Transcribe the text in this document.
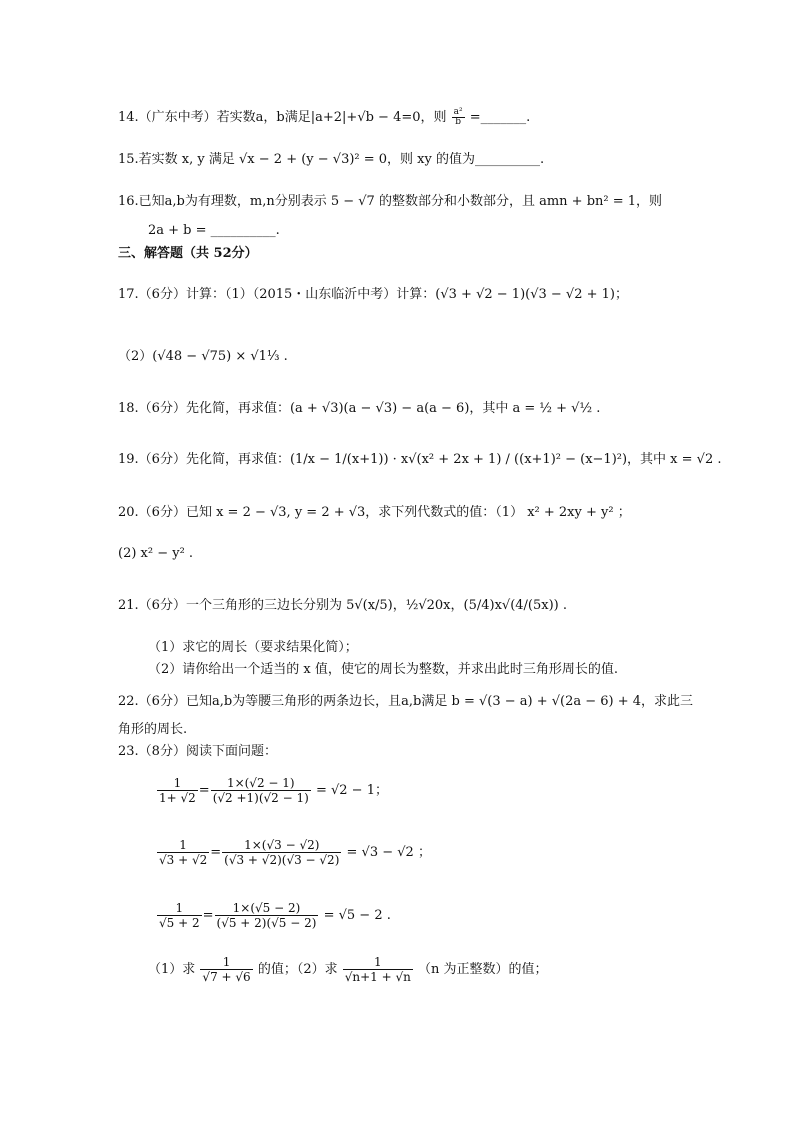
14.（广东中考）若实数a，b满足|a+2|+√b − 4=0，则 $\frac{\text{a²}}{b}$ =_______.
15.若实数 x, y 满足 √x − 2 + (y − √3)² = 0，则 xy 的值为__________.
16.已知a,b为有理数，m,n分别表示 5 − √7 的整数部分和小数部分，且 amn + bn² = 1，则
2a + b = __________.
三、解答题（共 52分）
17.（6分）计算：（1）（2015・山东临沂中考）计算：(√3 + √2 − 1)(√3 − √2 + 1)；
（2）(√48 − √75) × √1⅓ .
18.（6分）先化简，再求值：(a + √3)(a − √3) − a(a − 6)，其中 a = ½ + √½ .
19.（6分）先化简，再求值：(1/x − 1/(x+1)) · x√(x² + 2x + 1) / ((x+1)² − (x−1)²)，其中 x = √2 .
20.（6分）已知 x = 2 − √3, y = 2 + √3，求下列代数式的值：（1） x² + 2xy + y² ；
(2) x² − y² .
21.（6分）一个三角形的三边长分别为 5√(x/5)，½√20x，(5/4)x√(4/(5x)) .
（1）求它的周长（要求结果化简）；
（2）请你给出一个适当的 x 值，使它的周长为整数，并求出此时三角形周长的值.
22.（6分）已知a,b为等腰三角形的两条边长，且a,b满足 b = √(3 − a) + √(2a − 6) + 4，求此三
角形的周长.
23.（8分）阅读下面问题：
$\frac{1}{1+ √2} = \frac{1\times(√2 - 1)}{(√2 +1)(√2 - 1)} = √2 - 1$；
$\frac{1}{√3 + √2} = \frac{1\times(√3 - √2)}{(√3 + √2)(√3 - √2)} = √3 - √2$ ；
$\frac{1}{√5 + 2} = \frac{1\times(√5 - 2)}{(√5 + 2)(√5 - 2)} = √5 - 2$ .
（1）求 $\frac{1}{√7 + √6}$ 的值；（2）求 $\frac{1}{√n+1 + √n} (n$ 为正整数）的值；
